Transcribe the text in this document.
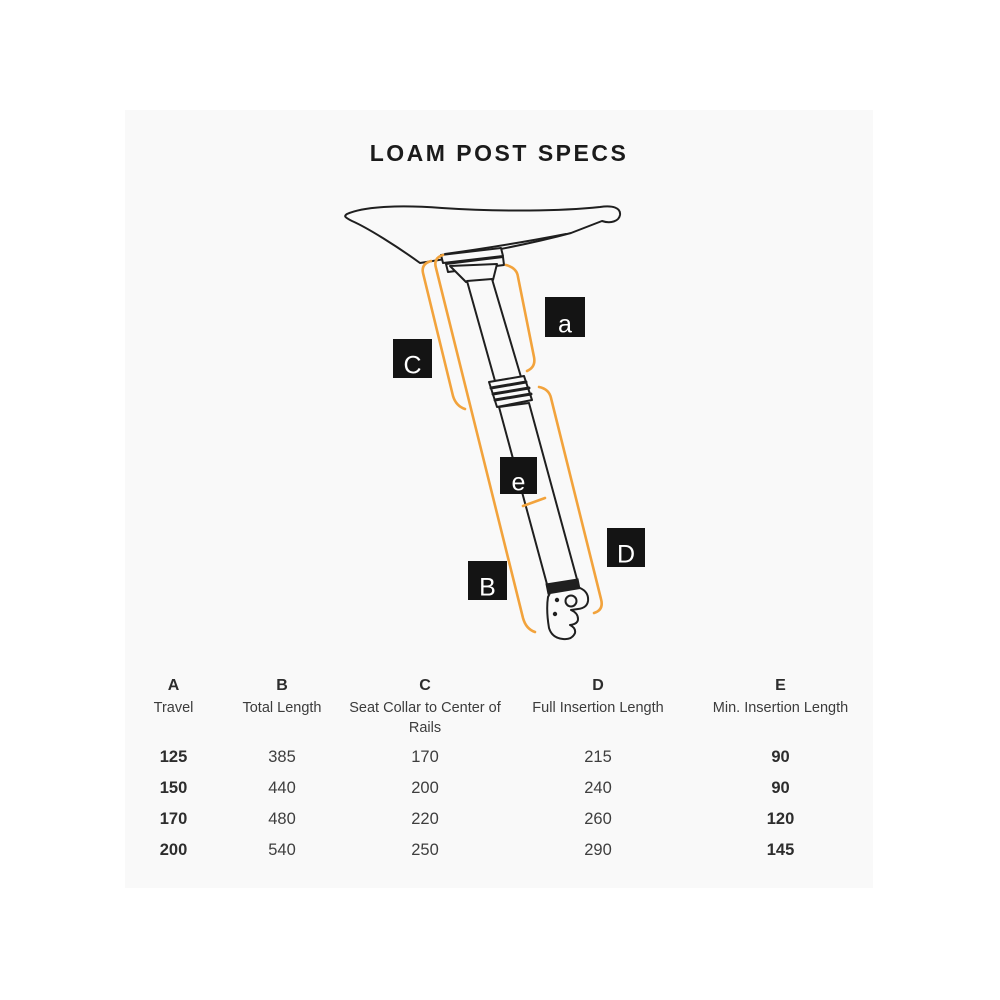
LOAM POST SPECS
A
Travel
125
150
170
200
B
Total Length
385
440
480
540
C
Seat Collar to Center of Rails
170
200
220
250
D
Full Insertion Length
215
240
260
290
E
Min. Insertion Length
90
90
120
145
a
C
e
B
D
